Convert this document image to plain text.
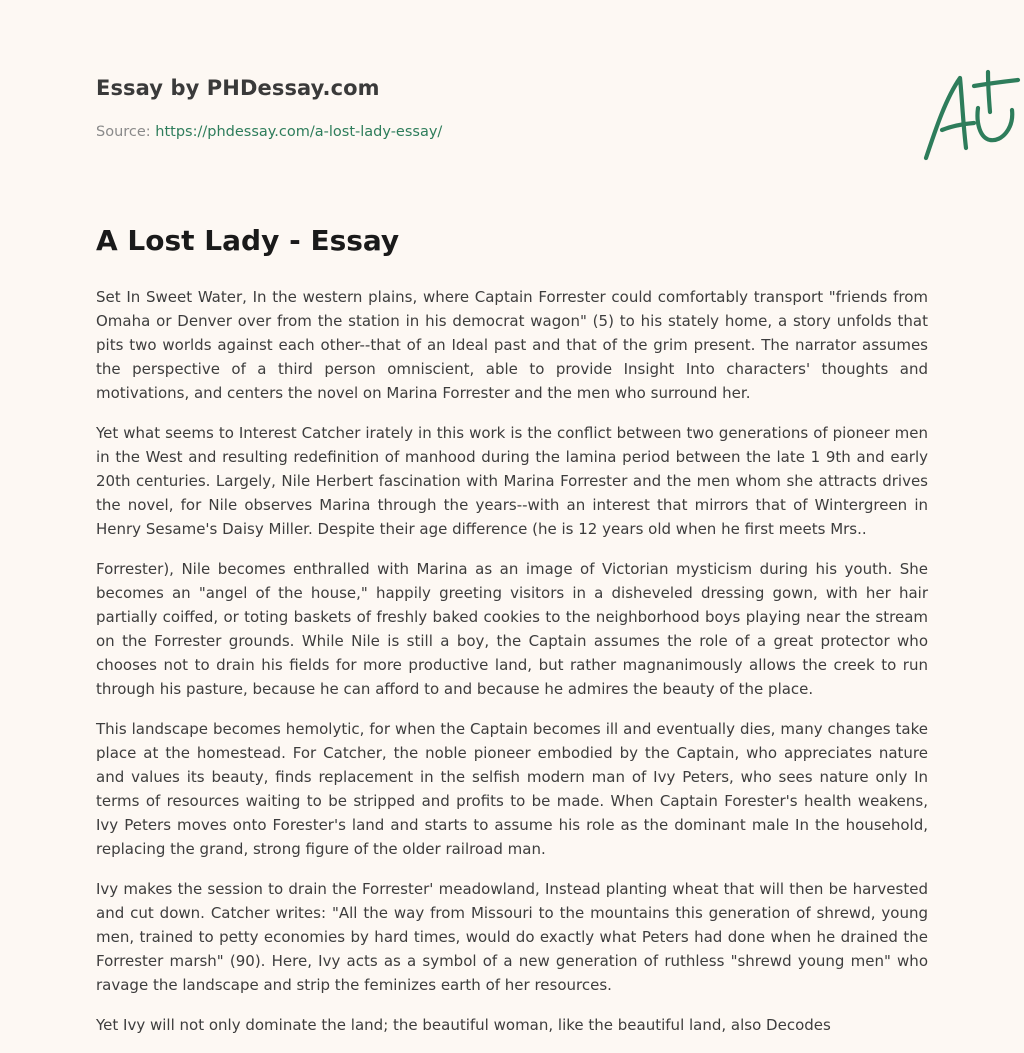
Essay by PHDessay.com
Source: https://phdessay.com/a-lost-lady-essay/
A Lost Lady - Essay

Set In Sweet Water, In the western plains, where Captain Forrester could comfortably transport "friends from Omaha or Denver over from the station in his democrat wagon" (5) to his stately home, a story unfolds that pits two worlds against each other--that of an Ideal past and that of the grim present. The narrator assumes the perspective of a third person omniscient, able to provide Insight Into characters' thoughts and motivations, and centers the novel on Marina Forrester and the men who surround her.

Yet what seems to Interest Catcher irately in this work is the conflict between two generations of pioneer men in the West and resulting redefinition of manhood during the lamina period between the late 1 9th and early 20th centuries. Largely, Nile Herbert fascination with Marina Forrester and the men whom she attracts drives the novel, for Nile observes Marina through the years--with an interest that mirrors that of Wintergreen in Henry Sesame's Daisy Miller. Despite their age difference (he is 12 years old when he first meets Mrs..

Forrester), Nile becomes enthralled with Marina as an image of Victorian mysticism during his youth. She becomes an "angel of the house," happily greeting visitors in a disheveled dressing gown, with her hair partially coiffed, or toting baskets of freshly baked cookies to the neighborhood boys playing near the stream on the Forrester grounds. While Nile is still a boy, the Captain assumes the role of a great protector who chooses not to drain his fields for more productive land, but rather magnanimously allows the creek to run through his pasture, because he can afford to and because he admires the beauty of the place.

This landscape becomes hemolytic, for when the Captain becomes ill and eventually dies, many changes take place at the homestead. For Catcher, the noble pioneer embodied by the Captain, who appreciates nature and values its beauty, finds replacement in the selfish modern man of Ivy Peters, who sees nature only In terms of resources waiting to be stripped and profits to be made. When Captain Forester's health weakens, Ivy Peters moves onto Forester's land and starts to assume his role as the dominant male In the household, replacing the grand, strong figure of the older railroad man.

Ivy makes the session to drain the Forrester' meadowland, Instead planting wheat that will then be harvested and cut down. Catcher writes: "All the way from Missouri to the mountains this generation of shrewd, young men, trained to petty economies by hard times, would do exactly what Peters had done when he drained the Forrester marsh" (90). Here, Ivy acts as a symbol of a new generation of ruthless "shrewd young men" who ravage the landscape and strip the feminizes earth of her resources.

Yet Ivy will not only dominate the land; the beautiful woman, like the beautiful land, also Decodes
